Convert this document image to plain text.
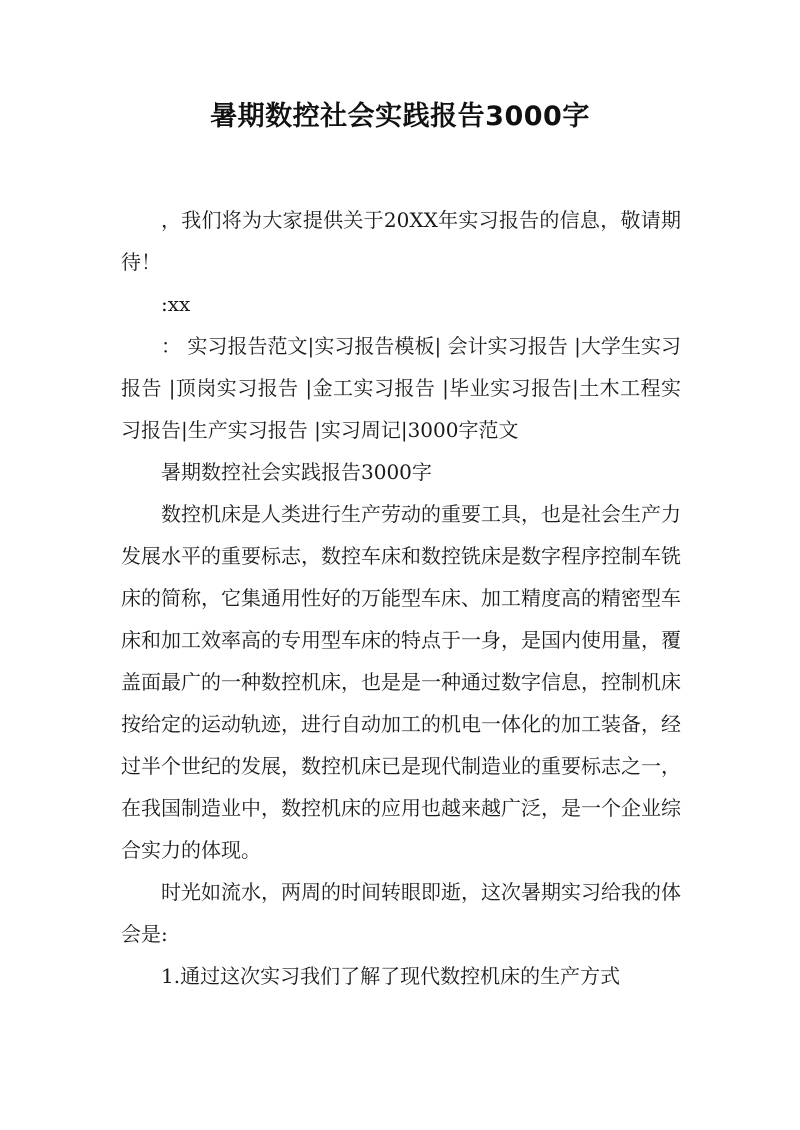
暑期数控社会实践报告3000字

，我们将为大家提供关于20XX年实习报告的信息，敬请期待！

:xx

： 实习报告范文|实习报告模板| 会计实习报告 |大学生实习报告 |顶岗实习报告 |金工实习报告 |毕业实习报告|土木工程实习报告|生产实习报告 |实习周记|3000字范文

暑期数控社会实践报告3000字

数控机床是人类进行生产劳动的重要工具，也是社会生产力发展水平的重要标志，数控车床和数控铣床是数字程序控制车铣床的简称，它集通用性好的万能型车床、加工精度高的精密型车床和加工效率高的专用型车床的特点于一身，是国内使用量，覆盖面最广的一种数控机床，也是是一种通过数字信息，控制机床按给定的运动轨迹，进行自动加工的机电一体化的加工装备，经过半个世纪的发展，数控机床已是现代制造业的重要标志之一，在我国制造业中，数控机床的应用也越来越广泛，是一个企业综合实力的体现。

时光如流水，两周的时间转眼即逝，这次暑期实习给我的体会是:

1.通过这次实习我们了解了现代数控机床的生产方式
